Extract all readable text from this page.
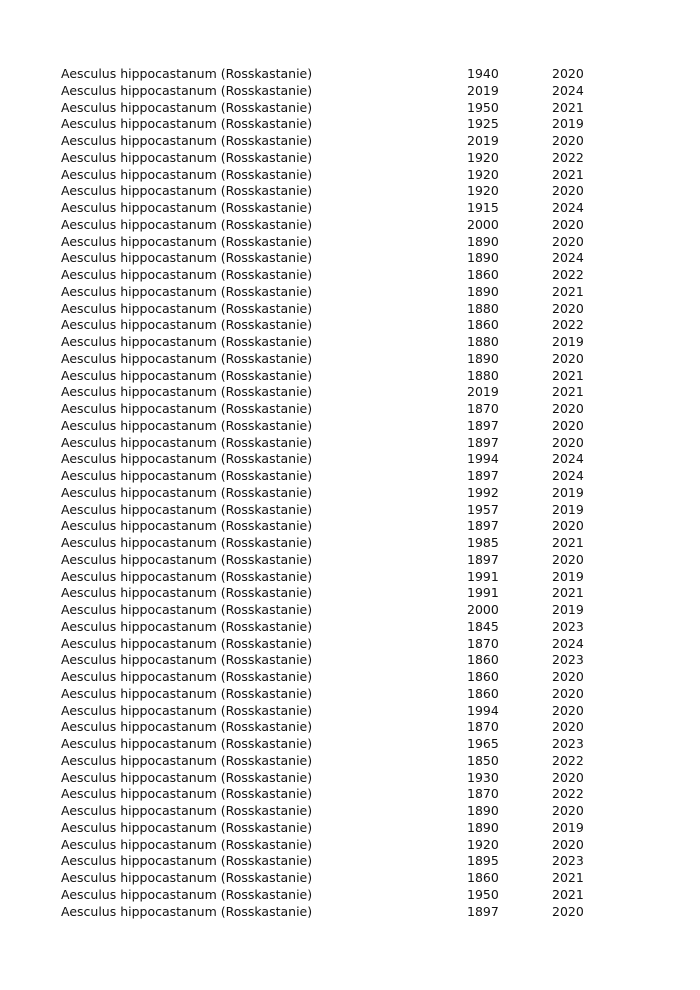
Aesculus hippocastanum (Rosskastanie)	1940	2020
Aesculus hippocastanum (Rosskastanie)	2019	2024
Aesculus hippocastanum (Rosskastanie)	1950	2021
Aesculus hippocastanum (Rosskastanie)	1925	2019
Aesculus hippocastanum (Rosskastanie)	2019	2020
Aesculus hippocastanum (Rosskastanie)	1920	2022
Aesculus hippocastanum (Rosskastanie)	1920	2021
Aesculus hippocastanum (Rosskastanie)	1920	2020
Aesculus hippocastanum (Rosskastanie)	1915	2024
Aesculus hippocastanum (Rosskastanie)	2000	2020
Aesculus hippocastanum (Rosskastanie)	1890	2020
Aesculus hippocastanum (Rosskastanie)	1890	2024
Aesculus hippocastanum (Rosskastanie)	1860	2022
Aesculus hippocastanum (Rosskastanie)	1890	2021
Aesculus hippocastanum (Rosskastanie)	1880	2020
Aesculus hippocastanum (Rosskastanie)	1860	2022
Aesculus hippocastanum (Rosskastanie)	1880	2019
Aesculus hippocastanum (Rosskastanie)	1890	2020
Aesculus hippocastanum (Rosskastanie)	1880	2021
Aesculus hippocastanum (Rosskastanie)	2019	2021
Aesculus hippocastanum (Rosskastanie)	1870	2020
Aesculus hippocastanum (Rosskastanie)	1897	2020
Aesculus hippocastanum (Rosskastanie)	1897	2020
Aesculus hippocastanum (Rosskastanie)	1994	2024
Aesculus hippocastanum (Rosskastanie)	1897	2024
Aesculus hippocastanum (Rosskastanie)	1992	2019
Aesculus hippocastanum (Rosskastanie)	1957	2019
Aesculus hippocastanum (Rosskastanie)	1897	2020
Aesculus hippocastanum (Rosskastanie)	1985	2021
Aesculus hippocastanum (Rosskastanie)	1897	2020
Aesculus hippocastanum (Rosskastanie)	1991	2019
Aesculus hippocastanum (Rosskastanie)	1991	2021
Aesculus hippocastanum (Rosskastanie)	2000	2019
Aesculus hippocastanum (Rosskastanie)	1845	2023
Aesculus hippocastanum (Rosskastanie)	1870	2024
Aesculus hippocastanum (Rosskastanie)	1860	2023
Aesculus hippocastanum (Rosskastanie)	1860	2020
Aesculus hippocastanum (Rosskastanie)	1860	2020
Aesculus hippocastanum (Rosskastanie)	1994	2020
Aesculus hippocastanum (Rosskastanie)	1870	2020
Aesculus hippocastanum (Rosskastanie)	1965	2023
Aesculus hippocastanum (Rosskastanie)	1850	2022
Aesculus hippocastanum (Rosskastanie)	1930	2020
Aesculus hippocastanum (Rosskastanie)	1870	2022
Aesculus hippocastanum (Rosskastanie)	1890	2020
Aesculus hippocastanum (Rosskastanie)	1890	2019
Aesculus hippocastanum (Rosskastanie)	1920	2020
Aesculus hippocastanum (Rosskastanie)	1895	2023
Aesculus hippocastanum (Rosskastanie)	1860	2021
Aesculus hippocastanum (Rosskastanie)	1950	2021
Aesculus hippocastanum (Rosskastanie)	1897	2020
